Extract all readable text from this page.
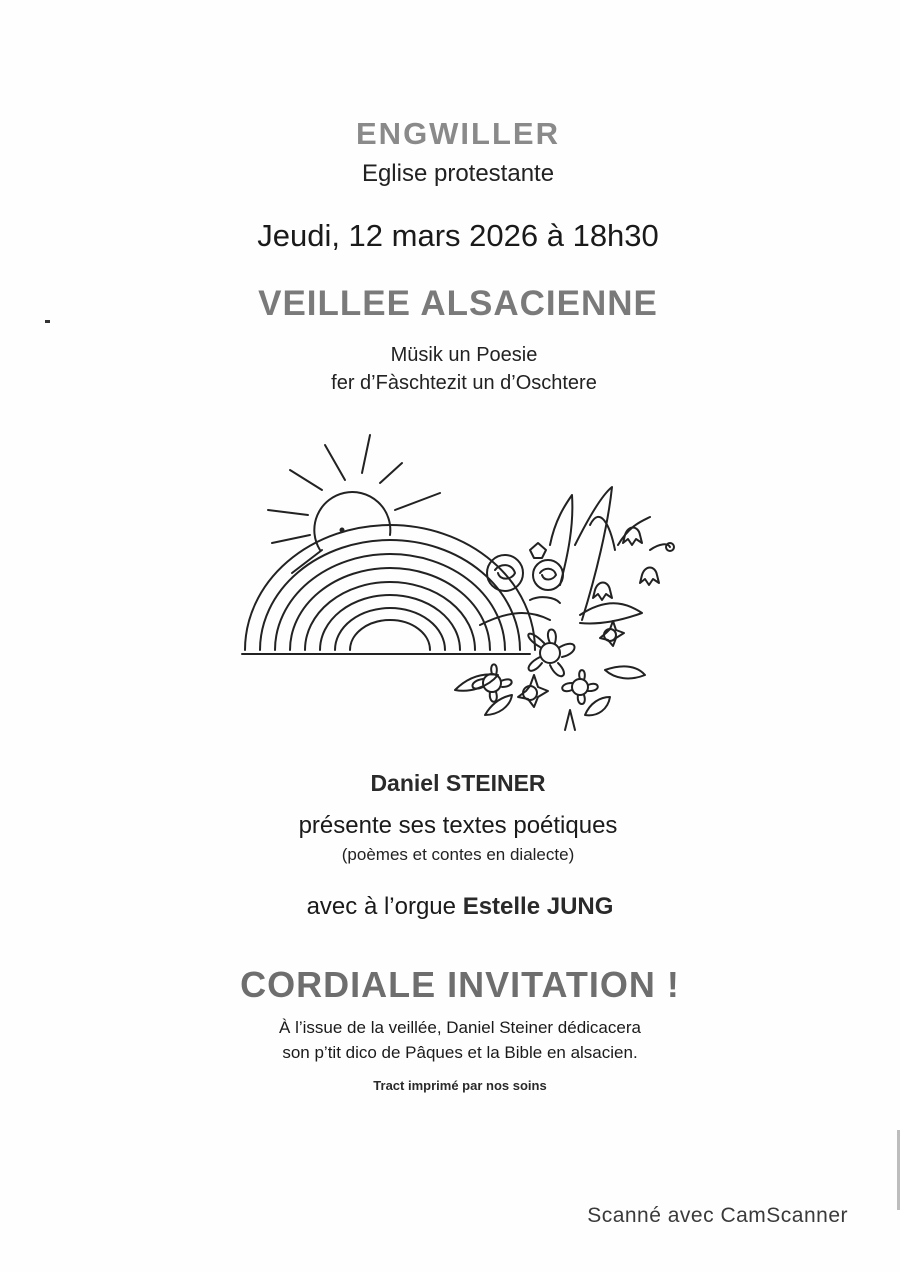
ENGWILLER
Eglise protestante
Jeudi, 12 mars 2026 à 18h30
VEILLEE ALSACIENNE
Müsik un Poesie
fer d’Fàschtezit un d’Oschtere
Daniel STEINER
présente ses textes poétiques
(poèmes et contes en dialecte)
avec à l’orgue Estelle JUNG
CORDIALE INVITATION !
À l’issue de la veillée, Daniel Steiner dédicacera
son p’tit dico de Pâques et la Bible en alsacien.
Tract imprimé par nos soins
Scanné avec CamScanner
